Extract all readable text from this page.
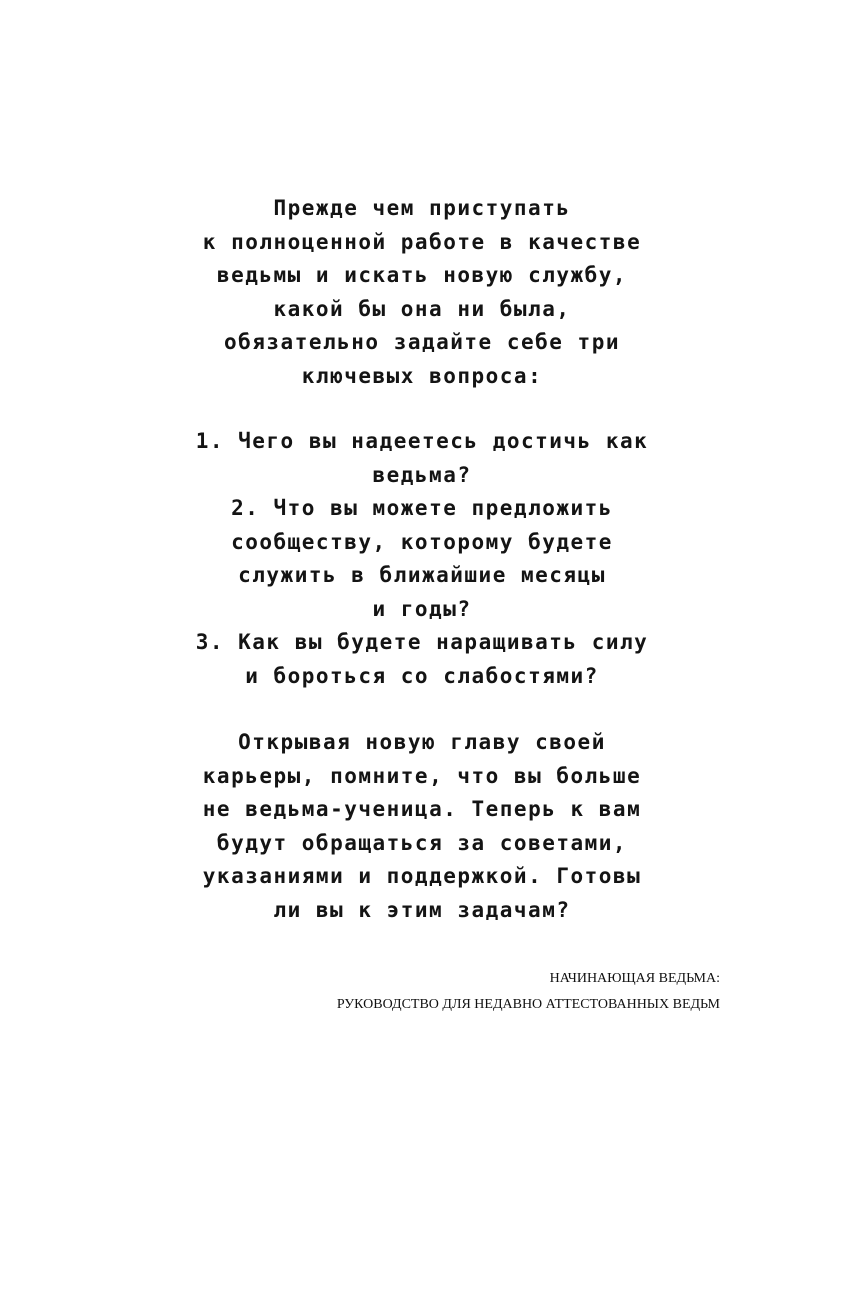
Прежде чем приступать
к полноценной работе в качестве
ведьмы и искать новую службу,
какой бы она ни была,
обязательно задайте себе три
ключевых вопроса:
1. Чего вы надеетесь достичь как
ведьма?
2. Что вы можете предложить
сообществу, которому будете
служить в ближайшие месяцы
и годы?
3. Как вы будете наращивать силу
и бороться со слабостями?
Открывая новую главу своей
карьеры, помните, что вы больше
не ведьма-ученица. Теперь к вам
будут обращаться за советами,
указаниями и поддержкой. Готовы
ли вы к этим задачам?
НАЧИНАЮЩАЯ ВЕДЬМА:
РУКОВОДСТВО ДЛЯ НЕДАВНО АТТЕСТОВАННЫХ ВЕДЬМ
